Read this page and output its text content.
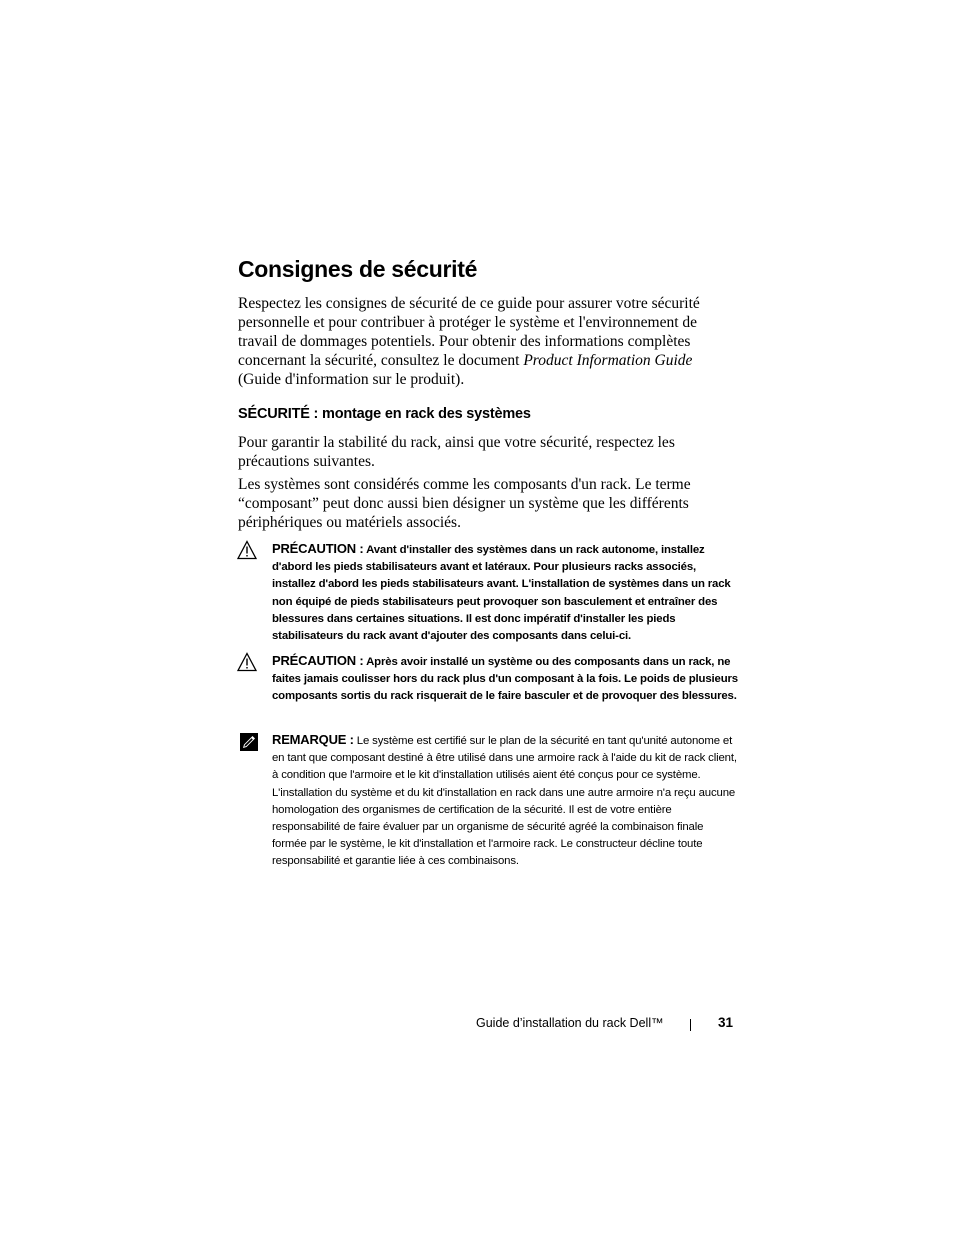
Consignes de sécurité

Respectez les consignes de sécurité de ce guide pour assurer votre sécurité personnelle et pour contribuer à protéger le système et l'environnement de travail de dommages potentiels. Pour obtenir des informations complètes concernant la sécurité, consultez le document Product Information Guide (Guide d'information sur le produit).

SÉCURITÉ : montage en rack des systèmes

Pour garantir la stabilité du rack, ainsi que votre sécurité, respectez les précautions suivantes.

Les systèmes sont considérés comme les composants d'un rack. Le terme “composant” peut donc aussi bien désigner un système que les différents périphériques ou matériels associés.

PRÉCAUTION : Avant d'installer des systèmes dans un rack autonome, installez d'abord les pieds stabilisateurs avant et latéraux. Pour plusieurs racks associés, installez d'abord les pieds stabilisateurs avant. L'installation de systèmes dans un rack non équipé de pieds stabilisateurs peut provoquer son basculement et entraîner des blessures dans certaines situations. Il est donc impératif d'installer les pieds stabilisateurs du rack avant d'ajouter des composants dans celui-ci.

PRÉCAUTION : Après avoir installé un système ou des composants dans un rack, ne faites jamais coulisser hors du rack plus d'un composant à la fois. Le poids de plusieurs composants sortis du rack risquerait de le faire basculer et de provoquer des blessures.

REMARQUE : Le système est certifié sur le plan de la sécurité en tant qu'unité autonome et en tant que composant destiné à être utilisé dans une armoire rack à l'aide du kit de rack client, à condition que l'armoire et le kit d'installation utilisés aient été conçus pour ce système. L'installation du système et du kit d'installation en rack dans une autre armoire n'a reçu aucune homologation des organismes de certification de la sécurité. Il est de votre entière responsabilité de faire évaluer par un organisme de sécurité agréé la combinaison finale formée par le système, le kit d'installation et l'armoire rack. Le constructeur décline toute responsabilité et garantie liée à ces combinaisons.

Guide d’installation du rack Dell™	31
